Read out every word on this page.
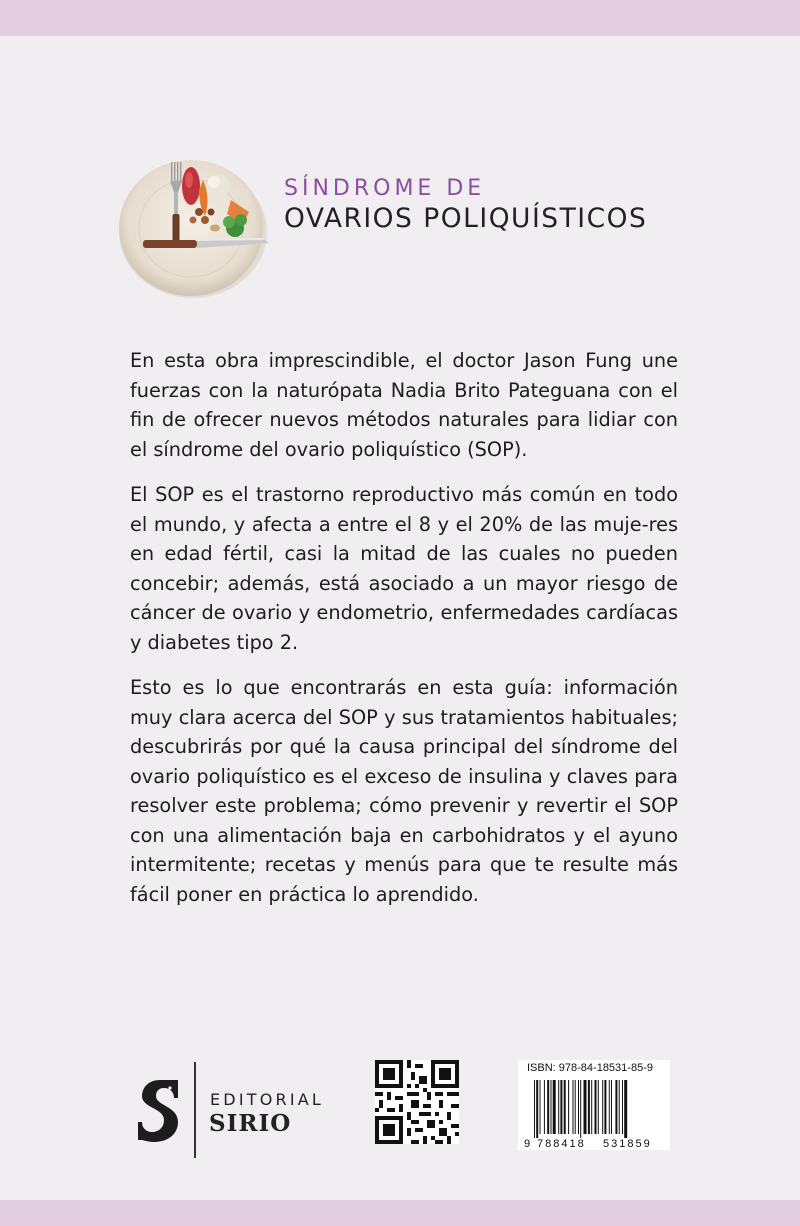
SÍNDROME DE
OVARIOS POLIQUÍSTICOS

En esta obra imprescindible, el doctor Jason Fung une fuerzas con la naturópata Nadia Brito Pateguana con el fin de ofrecer nuevos métodos naturales para lidiar con el síndrome del ovario poliquístico (SOP).

El SOP es el trastorno reproductivo más común en todo el mundo, y afecta a entre el 8 y el 20% de las muje-res en edad fértil, casi la mitad de las cuales no pueden concebir; además, está asociado a un mayor riesgo de cáncer de ovario y endometrio, enfermedades cardíacas y diabetes tipo 2.

Esto es lo que encontrarás en esta guía: información muy clara acerca del SOP y sus tratamientos habituales; descubrirás por qué la causa principal del síndrome del ovario poliquístico es el exceso de insulina y claves para resolver este problema; cómo prevenir y revertir el SOP con una alimentación baja en carbohidratos y el ayuno intermitente; recetas y menús para que te resulte más fácil poner en práctica lo aprendido.

EDITORIAL
SIRIO
ISBN: 978-84-18531-85-9
9 788418 531859
